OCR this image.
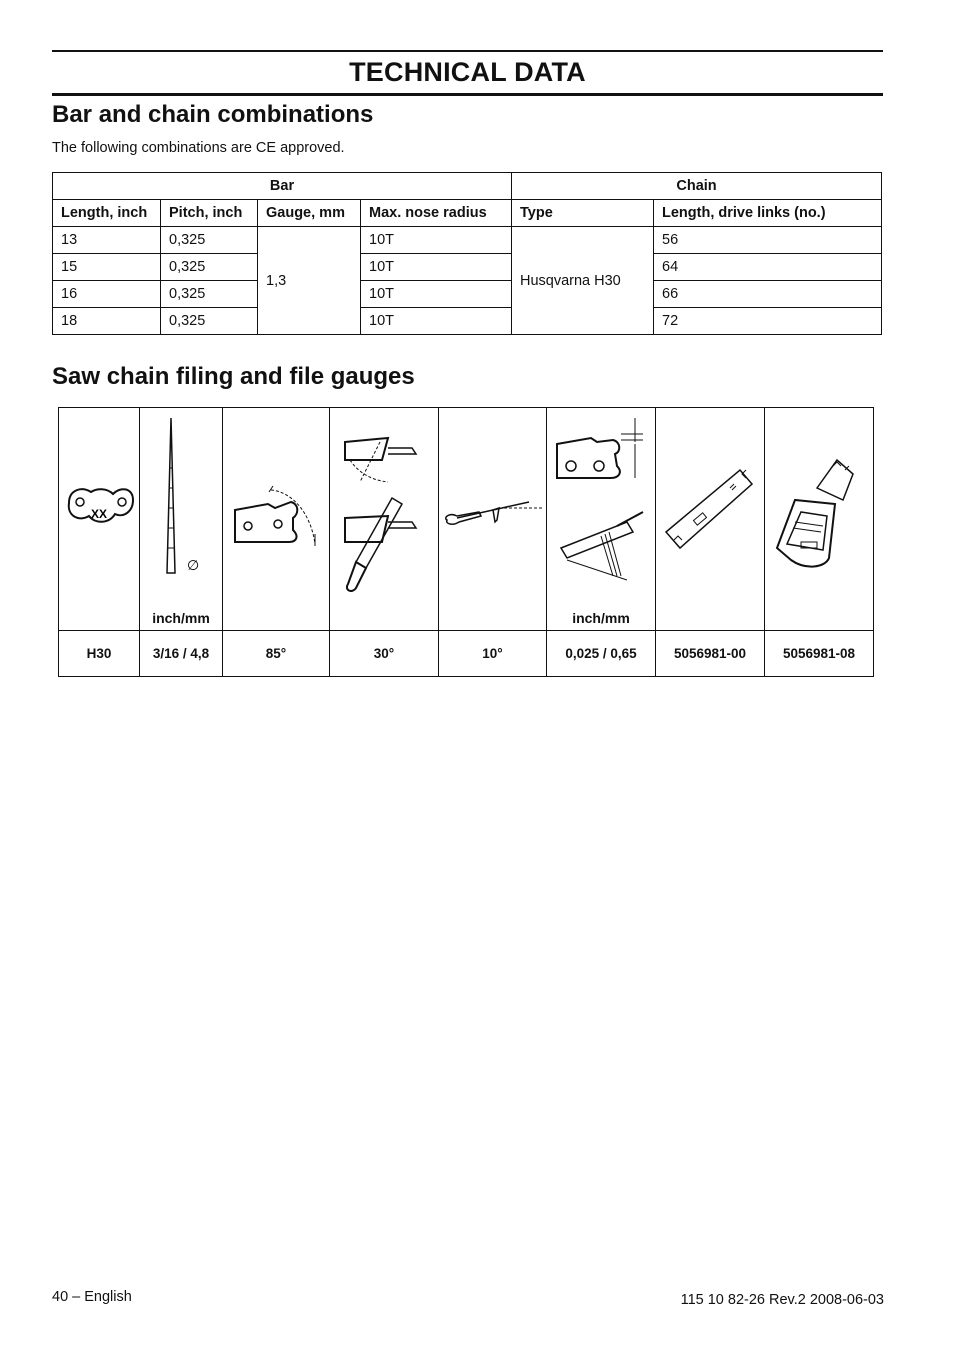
TECHNICAL DATA
Bar and chain combinations
The following combinations are CE approved.
Bar				Chain	
Length, inch	Pitch, inch	Gauge, mm	Max. nose radius	Type	Length, drive links (no.)
13	0,325	1,3	10T	Husqvarna H30	56
15	0,325		10T		64
16	0,325		10T		66
18	0,325		10T		72
Saw chain filing and file gauges
XX	∅
inch/mm				inch/mm

H30	3/16 / 4,8	85°	30°	10°	0,025 / 0,65	5056981-00	5056981-08
40 – English	115 10 82-26 Rev.2 2008-06-03
